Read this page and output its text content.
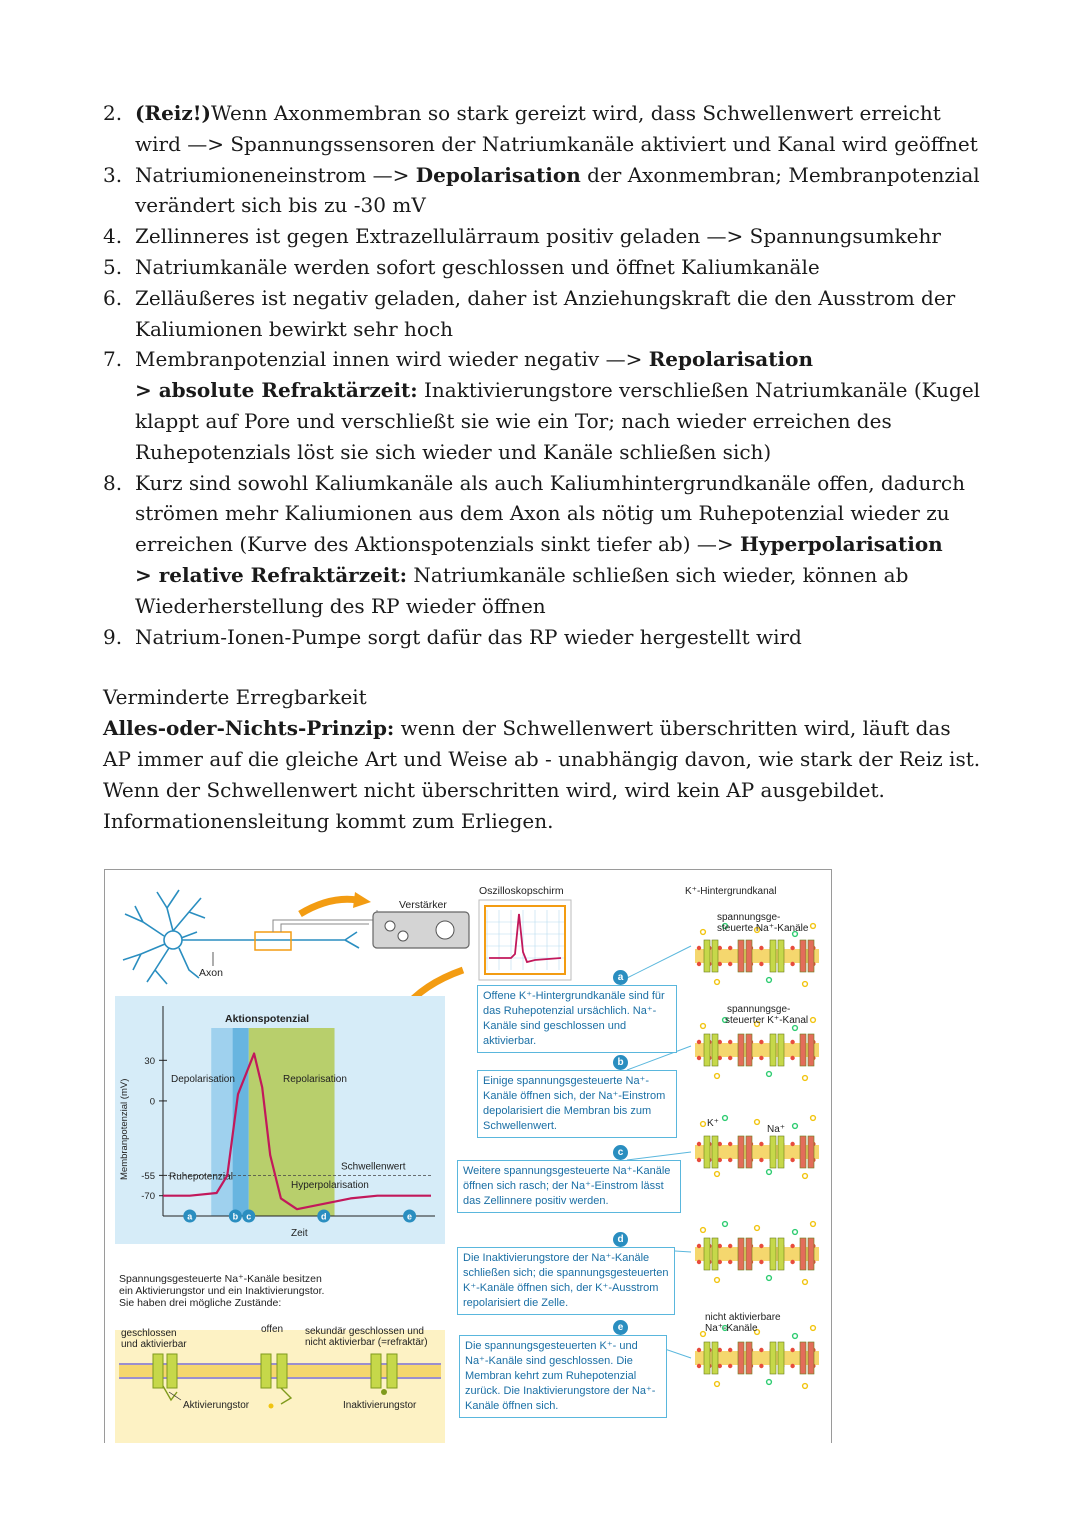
2. (Reiz!)Wenn Axonmembran so stark gereizt wird, dass Schwellenwert erreicht wird —> Spannungssensoren der Natriumkanäle aktiviert und Kanal wird geöffnet
3. Natriumioneneinstrom —> Depolarisation der Axonmembran; Membranpotenzial verändert sich bis zu -30 mV
4. Zellinneres ist gegen Extrazellulärraum positiv geladen —> Spannungsumkehr
5. Natriumkanäle werden sofort geschlossen und öffnet Kaliumkanäle
6. Zelläußeres ist negativ geladen, daher ist Anziehungskraft die den Ausstrom der Kaliumionen bewirkt sehr hoch
7. Membranpotenzial innen wird wieder negativ —> Repolarisation
> absolute Refraktärzeit: Inaktivierungstore verschließen Natriumkanäle (Kugel klappt auf Pore und verschließt sie wie ein Tor; nach wieder erreichen des Ruhepotenzials löst sie sich wieder und Kanäle schließen sich)
8. Kurz sind sowohl Kaliumkanäle als auch Kaliumhintergrundkanäle offen, dadurch strömen mehr Kaliumionen aus dem Axon als nötig um Ruhepotenzial wieder zu erreichen (Kurve des Aktionspotenzials sinkt tiefer ab) —> Hyperpolarisation
> relative Refraktärzeit: Natriumkanäle schließen sich wieder, können ab Wiederherstellung des RP wieder öffnen
9. Natrium-Ionen-Pumpe sorgt dafür das RP wieder hergestellt wird
Verminderte Erregbarkeit
Alles-oder-Nichts-Prinzip: wenn der Schwellenwert überschritten wird, läuft das AP immer auf die gleiche Art und Weise ab - unabhängig davon, wie stark der Reiz ist. Wenn der Schwellenwert nicht überschritten wird, wird kein AP ausgebildet. Informationensleitung kommt zum Erliegen.
Axon
Verstärker
Oszilloskopschirm
30
0
-55
-70
Schwellenwert
Ruhepotenzial
Aktionspotenzial
Membranpotenzial (mV)
Zeit
Depolarisation	Repolarisation
Hyperpolarisation
a	b c	d	e
Spannungsgesteuerte Na⁺-Kanäle besitzen
ein Aktivierungstor und ein Inaktivierungstor.
Sie haben drei mögliche Zustände:
geschlossen
und aktivierbar
offen sekundär geschlossen und
nicht aktivierbar (=refraktär)
Aktivierungstor	Inaktivierungstor
K⁺-Hintergrundkanal
spannungsge-
steuerte Na⁺-Kanäle
spannungsge-
steuerter K⁺-Kanal
K⁺
Na⁺
nicht aktivierbare
Na⁺-Kanäle
a
Offene K⁺-Hintergrundkanäle sind für das Ruhepotenzial ursächlich. Na⁺-Kanäle sind geschlossen und aktivierbar.
b
Einige spannungsgesteuerte Na⁺-Kanäle öffnen sich, der Na⁺-Einstrom depolarisiert die Membran bis zum Schwellenwert.
c
Weitere spannungsgesteuerte Na⁺-Kanäle öffnen sich rasch; der Na⁺-Einstrom lässt das Zellinnere positiv werden.
d
Die Inaktivierungstore der Na⁺-Kanäle schließen sich; die spannungsgesteuerten K⁺-Kanäle öffnen sich, der K⁺-Ausstrom repolarisiert die Zelle.
e
Die spannungsgesteuerten K⁺- und Na⁺-Kanäle sind geschlossen. Die Membran kehrt zum Ruhepotenzial zurück. Die Inaktivierungstore der Na⁺-Kanäle öffnen sich.
